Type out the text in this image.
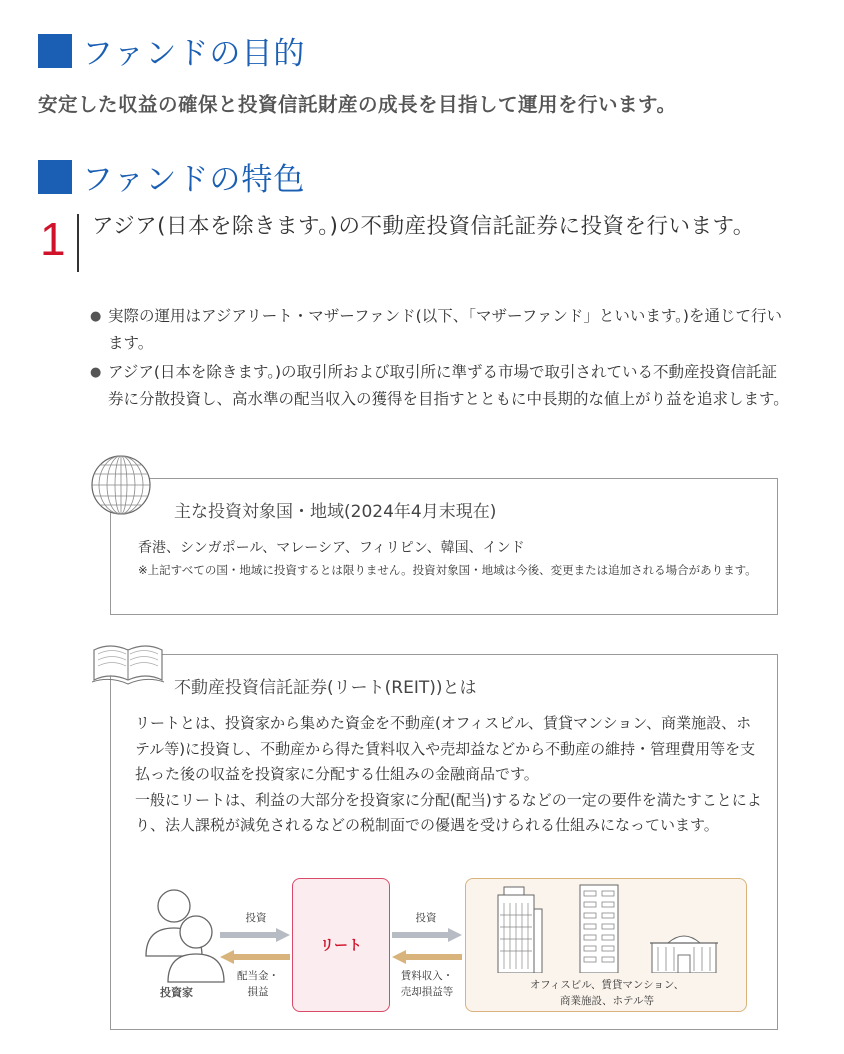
ファンドの目的
安定した収益の確保と投資信託財産の成長を目指して運用を行います。
ファンドの特色
1 アジア(日本を除きます。)の不動産投資信託証券に投資を行います。
● 実際の運用はアジアリート・マザーファンド(以下、「マザーファンド」といいます。)を通じて行います。
● アジア(日本を除きます。)の取引所および取引所に準ずる市場で取引されている不動産投資信託証券に分散投資し、高水準の配当収入の獲得を目指すとともに中長期的な値上がり益を追求します。
主な投資対象国・地域(2024年4月末現在)
香港、シンガポール、マレーシア、フィリピン、韓国、インド
※上記すべての国・地域に投資するとは限りません。投資対象国・地域は今後、変更または追加される場合があります。
不動産投資信託証券(リート(REIT))とは

リートとは、投資家から集めた資金を不動産(オフィスビル、賃貸マンション、商業施設、ホテル等)に投資し、不動産から得た賃料収入や売却益などから不動産の維持・管理費用等を支払った後の収益を投資家に分配する仕組みの金融商品です。

一般にリートは、利益の大部分を投資家に分配(配当)するなどの一定の要件を満たすことにより、法人課税が減免されるなどの税制面での優遇を受けられる仕組みになっています。

投資家
投資
配当金・
損益
リート
投資
賃料収入・
売却損益等
オフィスビル、賃貸マンション、
商業施設、ホテル等
